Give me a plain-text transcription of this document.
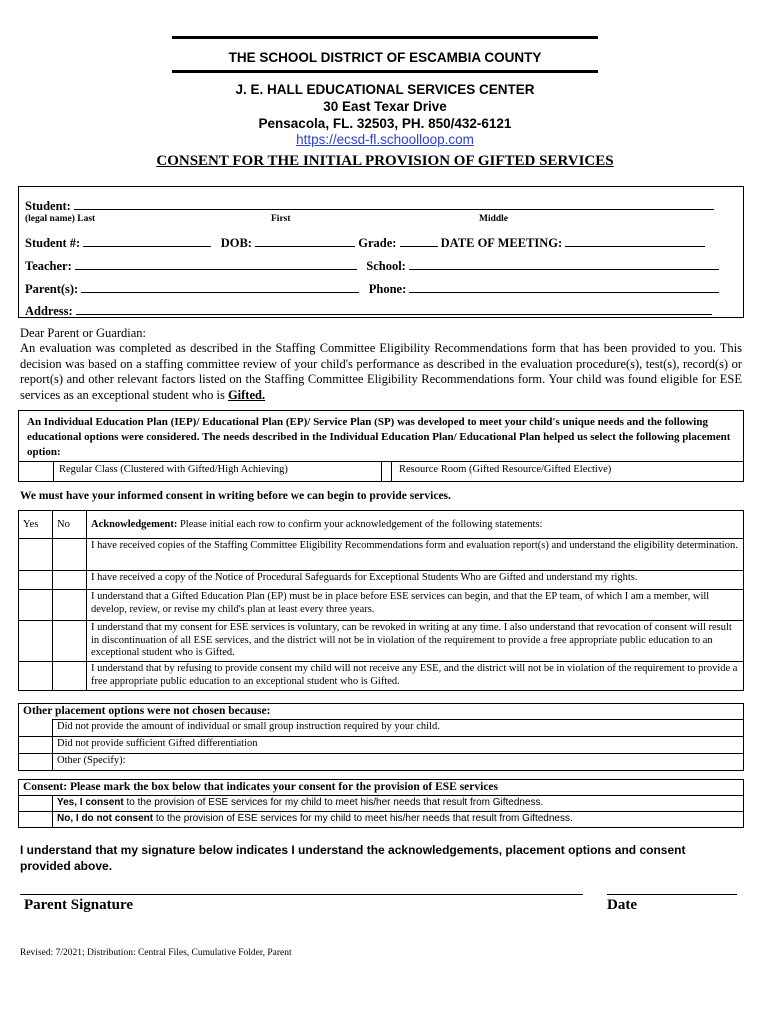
THE SCHOOL DISTRICT OF ESCAMBIA COUNTY
J. E. HALL EDUCATIONAL SERVICES CENTER
30 East Texar Drive
Pensacola, FL. 32503, PH. 850/432-6121
https://ecsd-fl.schoolloop.com
CONSENT FOR THE INITIAL PROVISION OF GIFTED SERVICES
Student:
(legal name) Last	First	Middle
Student #:	DOB:	Grade:	DATE OF MEETING:
Teacher:	School:
Parent(s):	Phone:
Address:
Dear Parent or Guardian:
An evaluation was completed as described in the Staffing Committee Eligibility Recommendations form that has been provided to you. This decision was based on a staffing committee review of your child's performance as described in the evaluation procedure(s), test(s), record(s) or report(s) and other relevant factors listed on the Staffing Committee Eligibility Recommendations form. Your child was found eligible for ESE services as an exceptional student who is Gifted.
An Individual Education Plan (IEP)/ Educational Plan (EP)/ Service Plan (SP) was developed to meet your child's unique needs and the following educational options were considered. The needs described in the Individual Education Plan/ Educational Plan helped us select the following placement option:
Regular Class (Clustered with Gifted/High Achieving)	Resource Room (Gifted Resource/Gifted Elective)
We must have your informed consent in writing before we can begin to provide services.
Yes	No	Acknowledgement: Please initial each row to confirm your acknowledgement of the following statements:
		I have received copies of the Staffing Committee Eligibility Recommendations form and evaluation report(s) and understand the eligibility determination.
		I have received a copy of the Notice of Procedural Safeguards for Exceptional Students Who are Gifted and understand my rights.
		I understand that a Gifted Education Plan (EP) must be in place before ESE services can begin, and that the EP team, of which I am a member, will develop, review, or revise my child's plan at least every three years.
		I understand that my consent for ESE services is voluntary, can be revoked in writing at any time. I also understand that revocation of consent will result in discontinuation of all ESE services, and the district will not be in violation of the requirement to provide a free appropriate public education to an exceptional student who is Gifted.
		I understand that by refusing to provide consent my child will not receive any ESE, and the district will not be in violation of the requirement to provide a free appropriate public education to an exceptional student who is Gifted.
Other placement options were not chosen because:	
	Did not provide the amount of individual or small group instruction required by your child.
	Did not provide sufficient Gifted differentiation
	Other (Specify):
Consent: Please mark the box below that indicates your consent for the provision of ESE services	
	Yes, I consent to the provision of ESE services for my child to meet his/her needs that result from Giftedness.
	No, I do not consent to the provision of ESE services for my child to meet his/her needs that result from Giftedness.
I understand that my signature below indicates I understand the acknowledgements, placement options and consent provided above.
Parent Signature	Date
Revised: 7/2021; Distribution: Central Files, Cumulative Folder, Parent
